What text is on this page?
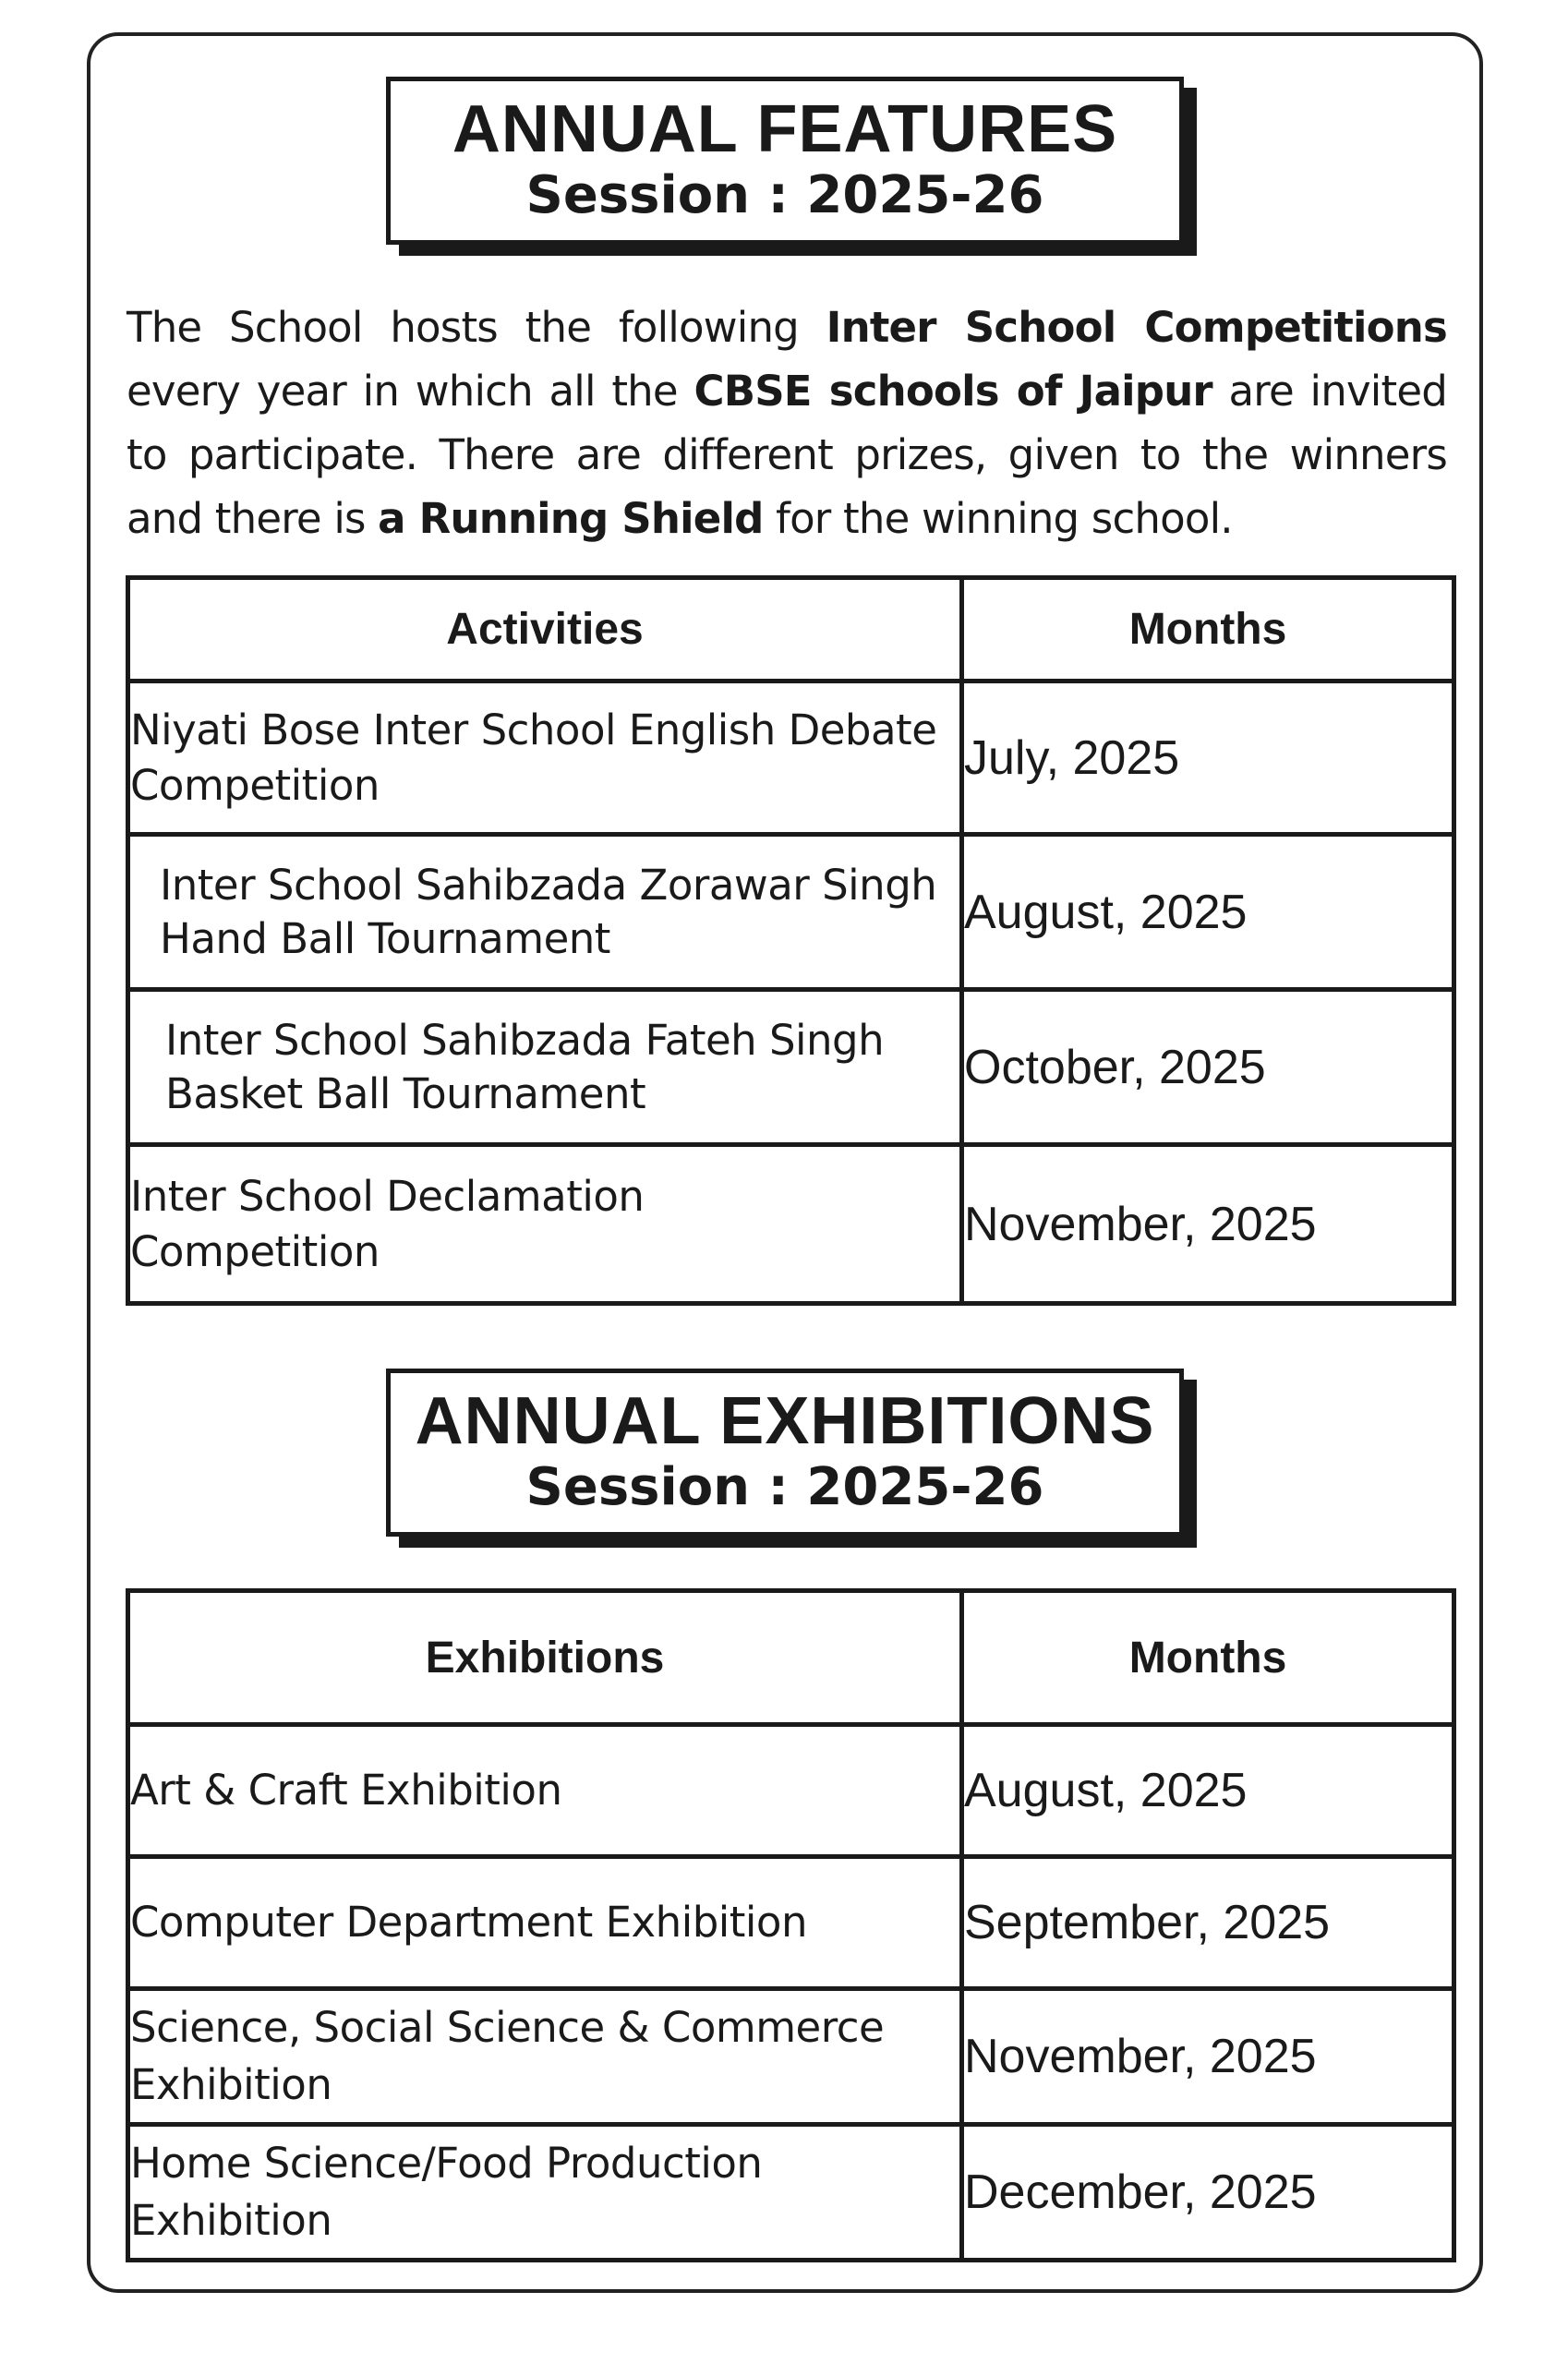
ANNUAL FEATURES
Session : 2025-26
The School hosts the following Inter School Competitions every year in which all the CBSE schools of Jaipur are invited to participate. There are different prizes, given to the winners and there is a Running Shield for the winning school.
Activities	Months
Niyati Bose Inter School English Debate Competition	July, 2025
Inter School Sahibzada Zorawar Singh Hand Ball Tournament	August, 2025
Inter School Sahibzada Fateh Singh Basket Ball Tournament	October, 2025
Inter School Declamation Competition	November, 2025
ANNUAL EXHIBITIONS
Session : 2025-26
Exhibitions	Months
Art & Craft Exhibition	August, 2025
Computer Department Exhibition	September, 2025
Science, Social Science & Commerce Exhibition	November, 2025
Home Science/Food Production Exhibition	December, 2025
